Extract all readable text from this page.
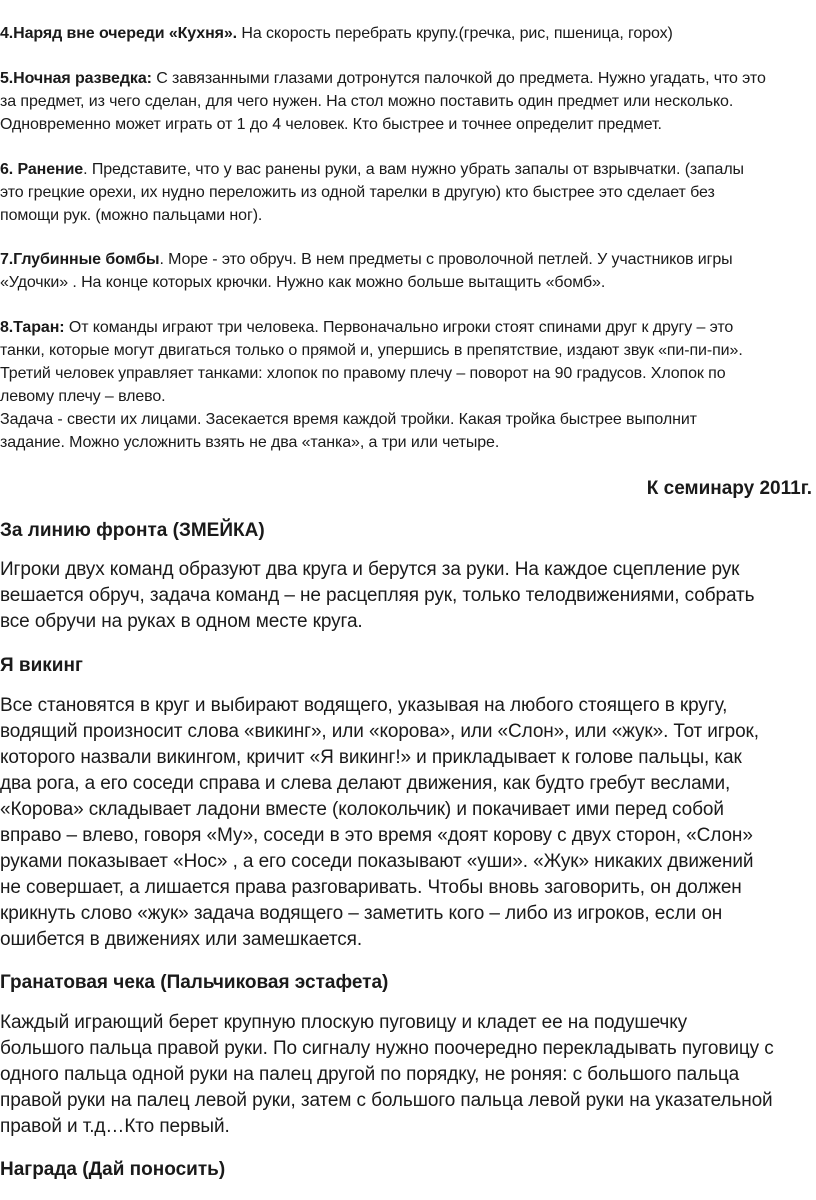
4.Наряд вне очереди «Кухня». На скорость перебрать крупу.(гречка, рис, пшеница, горох)
5.Ночная разведка: С завязанными глазами дотронутся палочкой до предмета. Нужно угадать, что это
за предмет, из чего сделан, для чего нужен. На стол можно поставить один предмет или несколько.
Одновременно может играть от 1 до 4 человек. Кто быстрее и точнее определит предмет.
6. Ранение. Представите, что у вас ранены руки, а вам нужно убрать запалы от взрывчатки. (запалы
это грецкие орехи, их нудно переложить из одной тарелки в другую) кто быстрее это сделает без
помощи рук. (можно пальцами ног).
7.Глубинные бомбы. Море - это обруч. В нем предметы с проволочной петлей. У участников игры
«Удочки» . На конце которых крючки. Нужно как можно больше вытащить «бомб».
8.Таран: От команды играют три человека. Первоначально игроки стоят спинами друг к другу – это
танки, которые могут двигаться только о прямой и, упершись в препятствие, издают звук «пи-пи-пи».
Третий человек управляет танками: хлопок по правому плечу – поворот на 90 градусов. Хлопок по
левому плечу – влево.
Задача - свести их лицами. Засекается время каждой тройки. Какая тройка быстрее выполнит
задание. Можно усложнить взять не два «танка», а три или четыре.
К семинару 2011г.
За линию фронта (ЗМЕЙКА)
Игроки двух команд образуют два круга и берутся за руки. На каждое сцепление рук
вешается обруч, задача команд – не расцепляя рук, только телодвижениями, собрать
все обручи на руках в одном месте круга.
Я викинг
Все становятся в круг и выбирают водящего, указывая на любого стоящего в кругу,
водящий произносит слова «викинг», или «корова», или «Слон», или «жук». Тот игрок,
которого назвали викингом, кричит «Я викинг!» и прикладывает к голове пальцы, как
два рога, а его соседи справа и слева делают движения, как будто гребут веслами,
«Корова» складывает ладони вместе (колокольчик) и покачивает ими перед собой
вправо – влево, говоря «Му», соседи в это время «доят корову с двух сторон, «Слон»
руками показывает «Нос» , а его соседи показывают «уши». «Жук» никаких движений
не совершает, а лишается права разговаривать. Чтобы вновь заговорить, он должен
крикнуть слово «жук» задача водящего – заметить кого – либо из игроков, если он
ошибется в движениях или замешкается.
Гранатовая чека (Пальчиковая эстафета)
Каждый играющий берет крупную плоскую пуговицу и кладет ее на подушечку
большого пальца правой руки. По сигналу нужно поочередно перекладывать пуговицу с
одного пальца одной руки на палец другой по порядку, не роняя: с большого пальца
правой руки на палец левой руки, затем с большого пальца левой руки на указательной
правой и т.д…Кто первый.
Награда (Дай поносить)
